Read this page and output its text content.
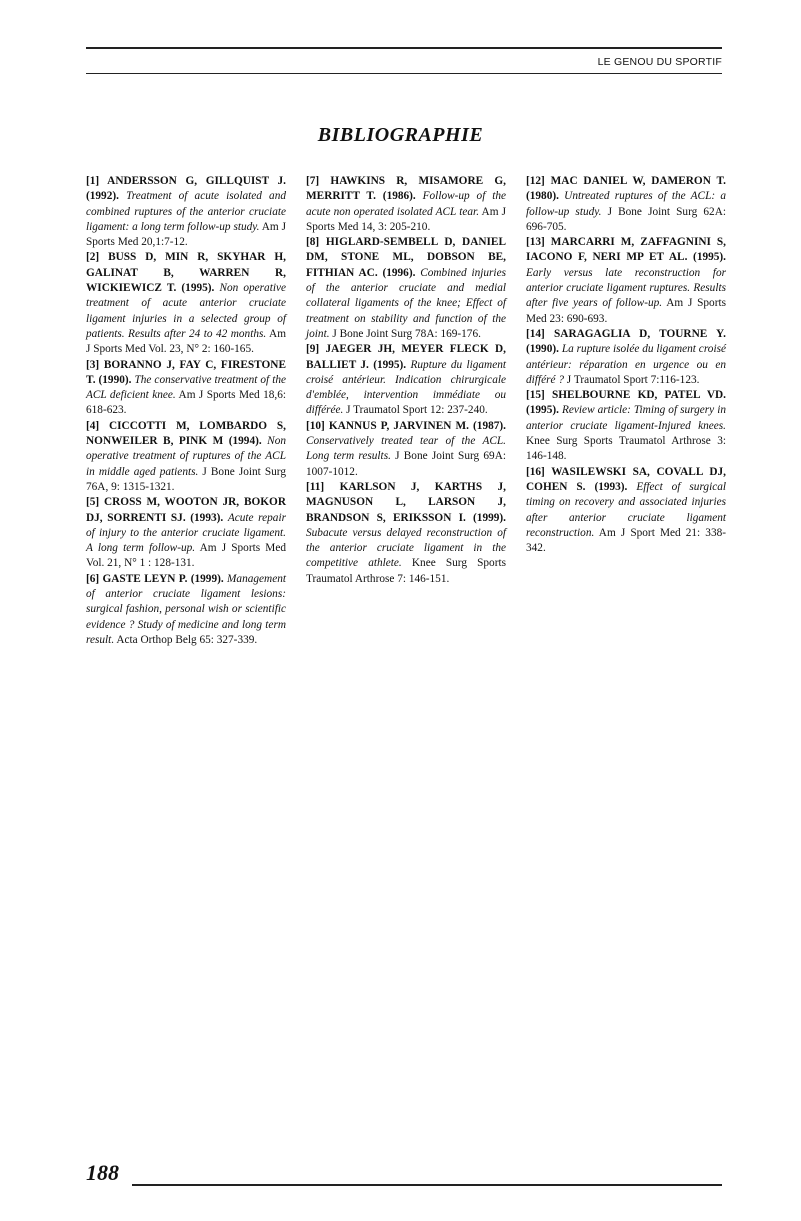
LE GENOU DU SPORTIF
BIBLIOGRAPHIE

[1] ANDERSSON G, GILLQUIST J. (1992). Treatment of acute isolated and combined ruptures of the anterior cruciate ligament: a long term follow-up study. Am J Sports Med 20,1:7-12.

[2] BUSS D, MIN R, SKYHAR H, GALINAT B, WARREN R, WICKIEWICZ T. (1995). Non operative treatment of acute anterior cruciate ligament injuries in a selected group of patients. Results after 24 to 42 months. Am J Sports Med Vol. 23, N° 2: 160-165.

[3] BORANNO J, FAY C, FIRESTONE T. (1990). The conservative treatment of the ACL deficient knee. Am J Sports Med 18,6: 618-623.

[4] CICCOTTI M, LOMBARDO S, NONWEILER B, PINK M (1994). Non operative treatment of ruptures of the ACL in middle aged patients. J Bone Joint Surg 76A, 9: 1315-1321.

[5] CROSS M, WOOTON JR, BOKOR DJ, SORRENTI SJ. (1993). Acute repair of injury to the anterior cruciate ligament. A long term follow-up. Am J Sports Med Vol. 21, N° 1 : 128-131.

[6] GASTE LEYN P. (1999). Management of anterior cruciate ligament lesions: surgical fashion, personal wish or scientific evidence ? Study of medicine and long term result. Acta Orthop Belg 65: 327-339.

[7] HAWKINS R, MISAMORE G, MERRITT T. (1986). Follow-up of the acute non operated isolated ACL tear. Am J Sports Med 14, 3: 205-210.

[8] HIGLARD-SEMBELL D, DANIEL DM, STONE ML, DOBSON BE, FITHIAN AC. (1996). Combined injuries of the anterior cruciate and medial collateral ligaments of the knee; Effect of treatment on stability and function of the joint. J Bone Joint Surg 78A: 169-176.

[9] JAEGER JH, MEYER FLECK D, BALLIET J. (1995). Rupture du ligament croisé antérieur. Indication chirurgicale d'emblée, intervention immédiate ou différée. J Traumatol Sport 12: 237-240.

[10] KANNUS P, JARVINEN M. (1987). Conservatively treated tear of the ACL. Long term results. J Bone Joint Surg 69A: 1007-1012.

[11] KARLSON J, KARTHS J, MAGNUSON L, LARSON J, BRANDSON S, ERIKSSON I. (1999). Subacute versus delayed reconstruction of the anterior cruciate ligament in the competitive athlete. Knee Surg Sports Traumatol Arthrose 7: 146-151.

[12] MAC DANIEL W, DAMERON T. (1980). Untreated ruptures of the ACL: a follow-up study. J Bone Joint Surg 62A: 696-705.

[13] MARCARRI M, ZAFFAGNINI S, IACONO F, NERI MP ET AL. (1995). Early versus late reconstruction for anterior cruciate ligament ruptures. Results after five years of follow-up. Am J Sports Med 23: 690-693.

[14] SARAGAGLIA D, TOURNE Y. (1990). La rupture isolée du ligament croisé antérieur: réparation en urgence ou en différé ? J Traumatol Sport 7:116-123.

[15] SHELBOURNE KD, PATEL VD. (1995). Review article: Timing of surgery in anterior cruciate ligament-Injured knees. Knee Surg Sports Traumatol Arthrose 3: 146-148.

[16] WASILEWSKI SA, COVALL DJ, COHEN S. (1993). Effect of surgical timing on recovery and associated injuries after anterior cruciate ligament reconstruction. Am J Sport Med 21: 338-342.

188
